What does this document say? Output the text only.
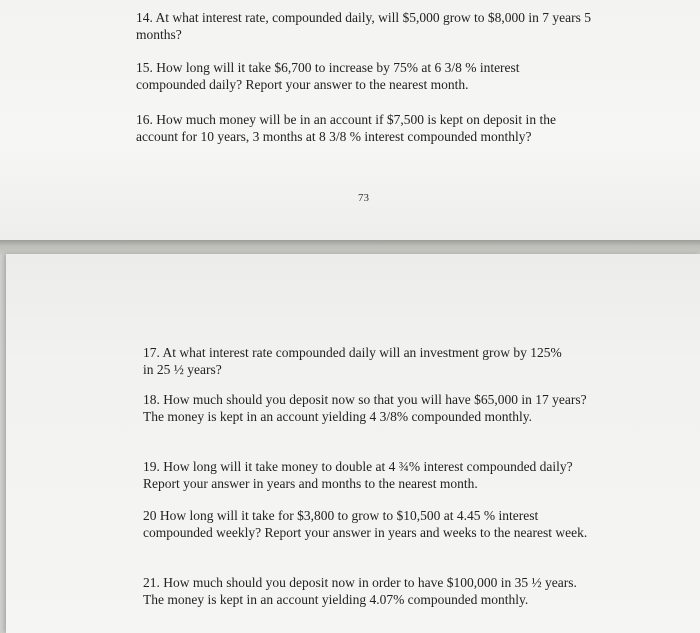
14. At what interest rate, compounded daily, will $5,000 grow to $8,000 in 7 years 5 months?

15. How long will it take $6,700 to increase by 75% at 6 3/8 % interest compounded daily? Report your answer to the nearest month.

16. How much money will be in an account if $7,500 is kept on deposit in the account for 10 years, 3 months at 8 3/8 % interest compounded monthly?

73

17. At what interest rate compounded daily will an investment grow by 125% in 25 ½ years?

18. How much should you deposit now so that you will have $65,000 in 17 years? The money is kept in an account yielding 4 3/8% compounded monthly.

19. How long will it take money to double at 4 ¾% interest compounded daily? Report your answer in years and months to the nearest month.

20 How long will it take for $3,800 to grow to $10,500 at 4.45 % interest compounded weekly? Report your answer in years and weeks to the nearest week.

21. How much should you deposit now in order to have $100,000 in 35 ½ years. The money is kept in an account yielding 4.07% compounded monthly.
